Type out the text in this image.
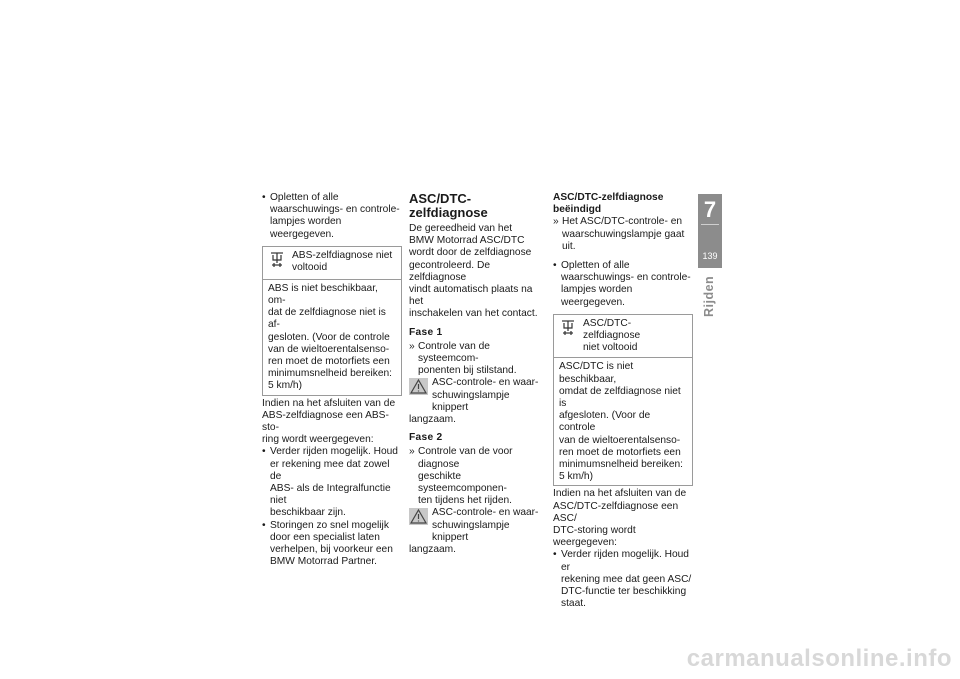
• Opletten of alle

waarschuwings- en controle-

lampjes worden weergegeven.

ABS-zelfdiagnose niet

voltooid

ABS is niet beschikbaar, om-

dat de zelfdiagnose niet is af-

gesloten. (Voor de controle

van de wieltoerentalsenso-

ren moet de motorfiets een

minimumsnelheid bereiken:

5 km/h)

Indien na het afsluiten van de

ABS-zelfdiagnose een ABS-sto-

ring wordt weergegeven:

• Verder rijden mogelijk. Houd

er rekening mee dat zowel de

ABS- als de Integralfunctie niet

beschikbaar zijn.

• Storingen zo snel mogelijk

door een specialist laten

verhelpen, bij voorkeur een

BMW Motorrad Partner.

ASC/DTC-zelfdiagnose

De gereedheid van het

BMW Motorrad ASC/DTC

wordt door de zelfdiagnose

gecontroleerd. De zelfdiagnose

vindt automatisch plaats na het

inschakelen van het contact.

Fase 1

» Controle van de systeemcom-

ponenten bij stilstand.

ASC-controle- en waar-

schuwingslampje knippert

langzaam.

Fase 2

» Controle van de voor diagnose

geschikte systeemcomponen-

ten tijdens het rijden.

ASC-controle- en waar-

schuwingslampje knippert

langzaam.

ASC/DTC-zelfdiagnose
beëindigd

» Het ASC/DTC-controle- en

waarschuwingslampje gaat uit.

• Opletten of alle

waarschuwings- en controle-

lampjes worden weergegeven.

ASC/DTC-zelfdiagnose

niet voltooid

ASC/DTC is niet beschikbaar,

omdat de zelfdiagnose niet is

afgesloten. (Voor de controle

van de wieltoerentalsenso-

ren moet de motorfiets een

minimumsnelheid bereiken:

5 km/h)

Indien na het afsluiten van de

ASC/DTC-zelfdiagnose een ASC/

DTC-storing wordt weergegeven:

• Verder rijden mogelijk. Houd er

rekening mee dat geen ASC/

DTC-functie ter beschikking

staat.

7
139
Rijden
carmanualsonline.info
